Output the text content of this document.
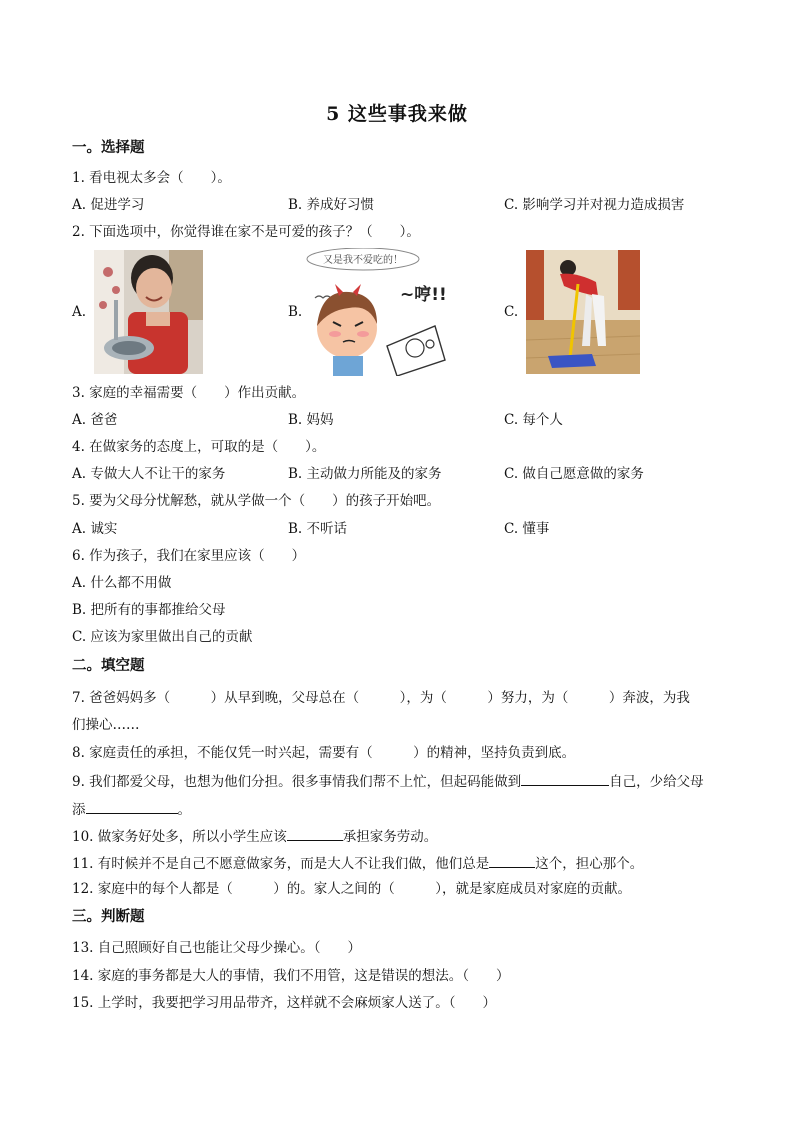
5 这些事我来做
一。选择题
1. 看电视太多会（　　）。
A. 促进学习	B. 养成好习惯	C. 影响学习并对视力造成损害
2. 下面选项中，你觉得谁在家不是可爱的孩子？（　　）。
A.	B.
又是我不爱吃的！
~哼!!
C.
3. 家庭的幸福需要（　　）作出贡献。
A. 爸爸	B. 妈妈	C. 每个人
4. 在做家务的态度上，可取的是（　　）。
A. 专做大人不让干的家务	B. 主动做力所能及的家务	C. 做自己愿意做的家务
5. 要为父母分忧解愁，就从学做一个（　　）的孩子开始吧。
A. 诚实	B. 不听话	C. 懂事
6. 作为孩子，我们在家里应该（　　）
A. 什么都不用做
B. 把所有的事都推给父母
C. 应该为家里做出自己的贡献
二。填空题
7. 爸爸妈妈多（　　　）从早到晚，父母总在（　　　），为（　　　）努力，为（　　　）奔波，为我
们操心……
8. 家庭责任的承担，不能仅凭一时兴起，需要有（　　　）的精神，坚持负责到底。
9. 我们都爱父母，也想为他们分担。很多事情我们帮不上忙，但起码能做到	自己，少给父母
添	。
10. 做家务好处多，所以小学生应该	承担家务劳动。
11. 有时候并不是自己不愿意做家务，而是大人不让我们做，他们总是	这个，担心那个。
12. 家庭中的每个人都是（　　　）的。家人之间的（　　　），就是家庭成员对家庭的贡献。
三。判断题
13. 自己照顾好自己也能让父母少操心。（　　）
14. 家庭的事务都是大人的事情，我们不用管，这是错误的想法。（　　）
15. 上学时，我要把学习用品带齐，这样就不会麻烦家人送了。（　　）
